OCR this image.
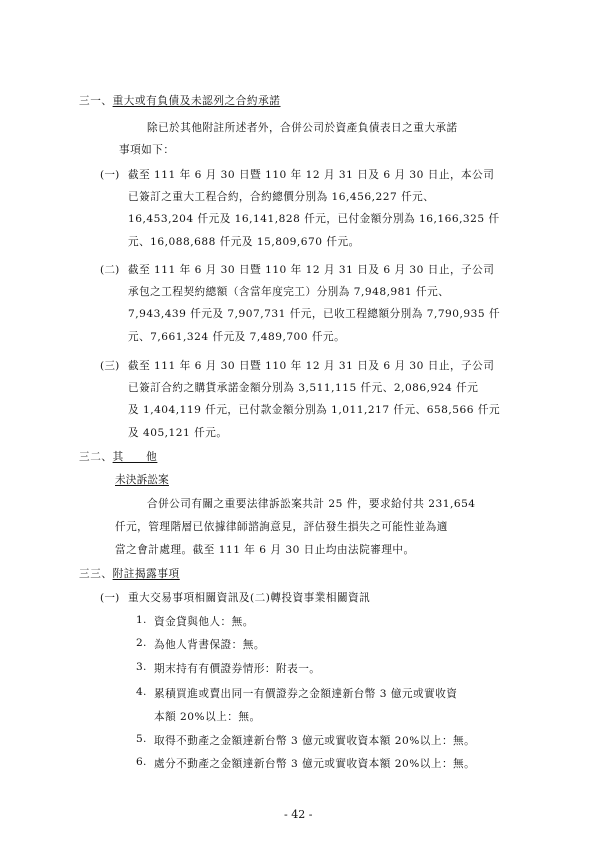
三一、重大或有負債及未認列之合約承諾
除已於其他附註所述者外，合併公司於資產負債表日之重大承諾
事項如下：
(一) 截至 111 年 6 月 30 日暨 110 年 12 月 31 日及 6 月 30 日止，本公司
已簽訂之重大工程合約，合約總價分別為 16,456,227 仟元、
16,453,204 仟元及 16,141,828 仟元，已付金額分別為 16,166,325 仟
元、16,088,688 仟元及 15,809,670 仟元。
(二) 截至 111 年 6 月 30 日暨 110 年 12 月 31 日及 6 月 30 日止，子公司
承包之工程契約總額（含當年度完工）分別為 7,948,981 仟元、
7,943,439 仟元及 7,907,731 仟元，已收工程總額分別為 7,790,935 仟
元、7,661,324 仟元及 7,489,700 仟元。
(三) 截至 111 年 6 月 30 日暨 110 年 12 月 31 日及 6 月 30 日止，子公司
已簽訂合約之購貨承諾金額分別為 3,511,115 仟元、2,086,924 仟元
及 1,404,119 仟元，已付款金額分別為 1,011,217 仟元、658,566 仟元
及 405,121 仟元。
三二、其　　他
未決訴訟案
合併公司有關之重要法律訴訟案共計 25 件，要求給付共 231,654
仟元，管理階層已依據律師諮詢意見，評估發生損失之可能性並為適
當之會計處理。截至 111 年 6 月 30 日止均由法院審理中。
三三、附註揭露事項
(一) 重大交易事項相關資訊及(二)轉投資事業相關資訊
1. 資金貸與他人：無。
2. 為他人背書保證：無。
3. 期末持有有價證券情形：附表一。
4. 累積買進或賣出同一有價證券之金額達新台幣 3 億元或實收資
本額 20%以上：無。
5. 取得不動產之金額達新台幣 3 億元或實收資本額 20%以上：無。
6. 處分不動產之金額達新台幣 3 億元或實收資本額 20%以上：無。
- 42 -
